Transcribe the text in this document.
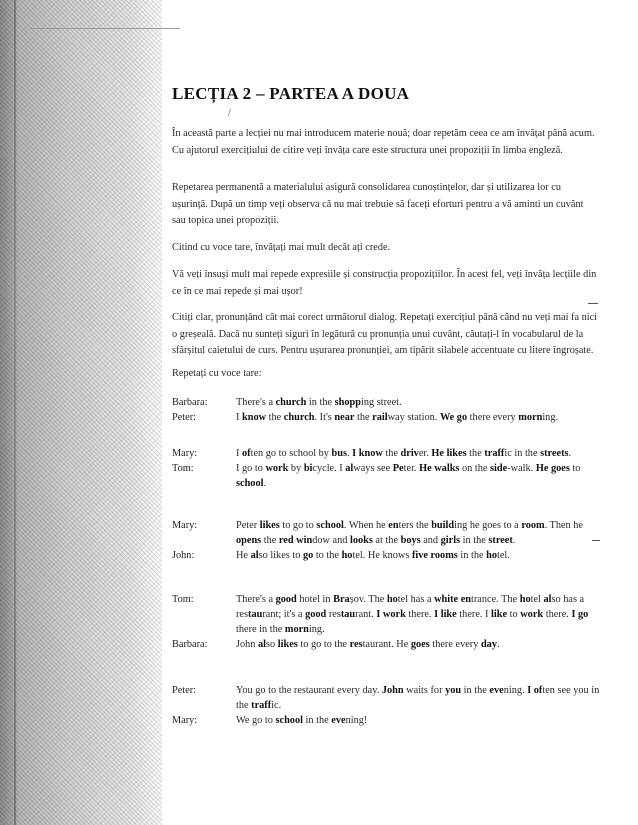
LECȚIA 2 – PARTEA A DOUA
/
În această parte a lecției nu mai introducem materie nouă; doar repetăm ceea ce am învățat până acum. Cu ajutorul exercițiului de citire veți învăța care este structura unei propoziții în limba engleză.
Repetarea permanentă a materialului asigură consolidarea cunoștințelor, dar și utilizarea lor cu ușurință. După un timp veți observa că nu mai trebuie să faceți eforturi pentru a vă aminti un cuvânt sau topica unei propoziții.
Citind cu voce tare, învățați mai mult decât ați crede.
Vă veți însuși mult mai repede expresiile și construcția propozițiilor. În acest fel, veți învăța lecțiile din ce în ce mai repede și mai ușor!
Citiți clar, pronunțând cât mai corect următorul dialog. Repetați exercițiul până când nu veți mai fa nici o greșeală. Dacă nu sunteți siguri în legătură cu pronunția unui cuvânt, căutați-l în vocabularul de la sfârșitul caietului de curs. Pentru ușurarea pronunției, am tipărit silabele accentuate cu litere îngroșate.
Repetați cu voce tare:
Barbara:	There's a church in the shopping street.
Peter:	I know the church. It's near the railway station. We go there every morning.
Mary:	I often go to school by bus. I know the driver. He likes the traffic in the streets.
Tom:	I go to work by bicycle. I always see Peter. He walks on the side-walk. He goes to school.
Mary:	Peter likes to go to school. When he enters the building he goes to a room. Then he opens the red window and looks at the boys and girls in the street.
John:	He also likes to go to the hotel. He knows five rooms in the hotel.
Tom:	There's a good hotel in Brașov. The hotel has a white entrance. The hotel also has a restaurant; it's a good restaurant. I work there. I like there. I like to work there. I go there in the morning.
Barbara:	John also likes to go to the restaurant. He goes there every day.
Peter:	You go to the restaurant every day. John waits for you in the evening. I often see you in the traffic.
Mary:	We go to school in the evening!
